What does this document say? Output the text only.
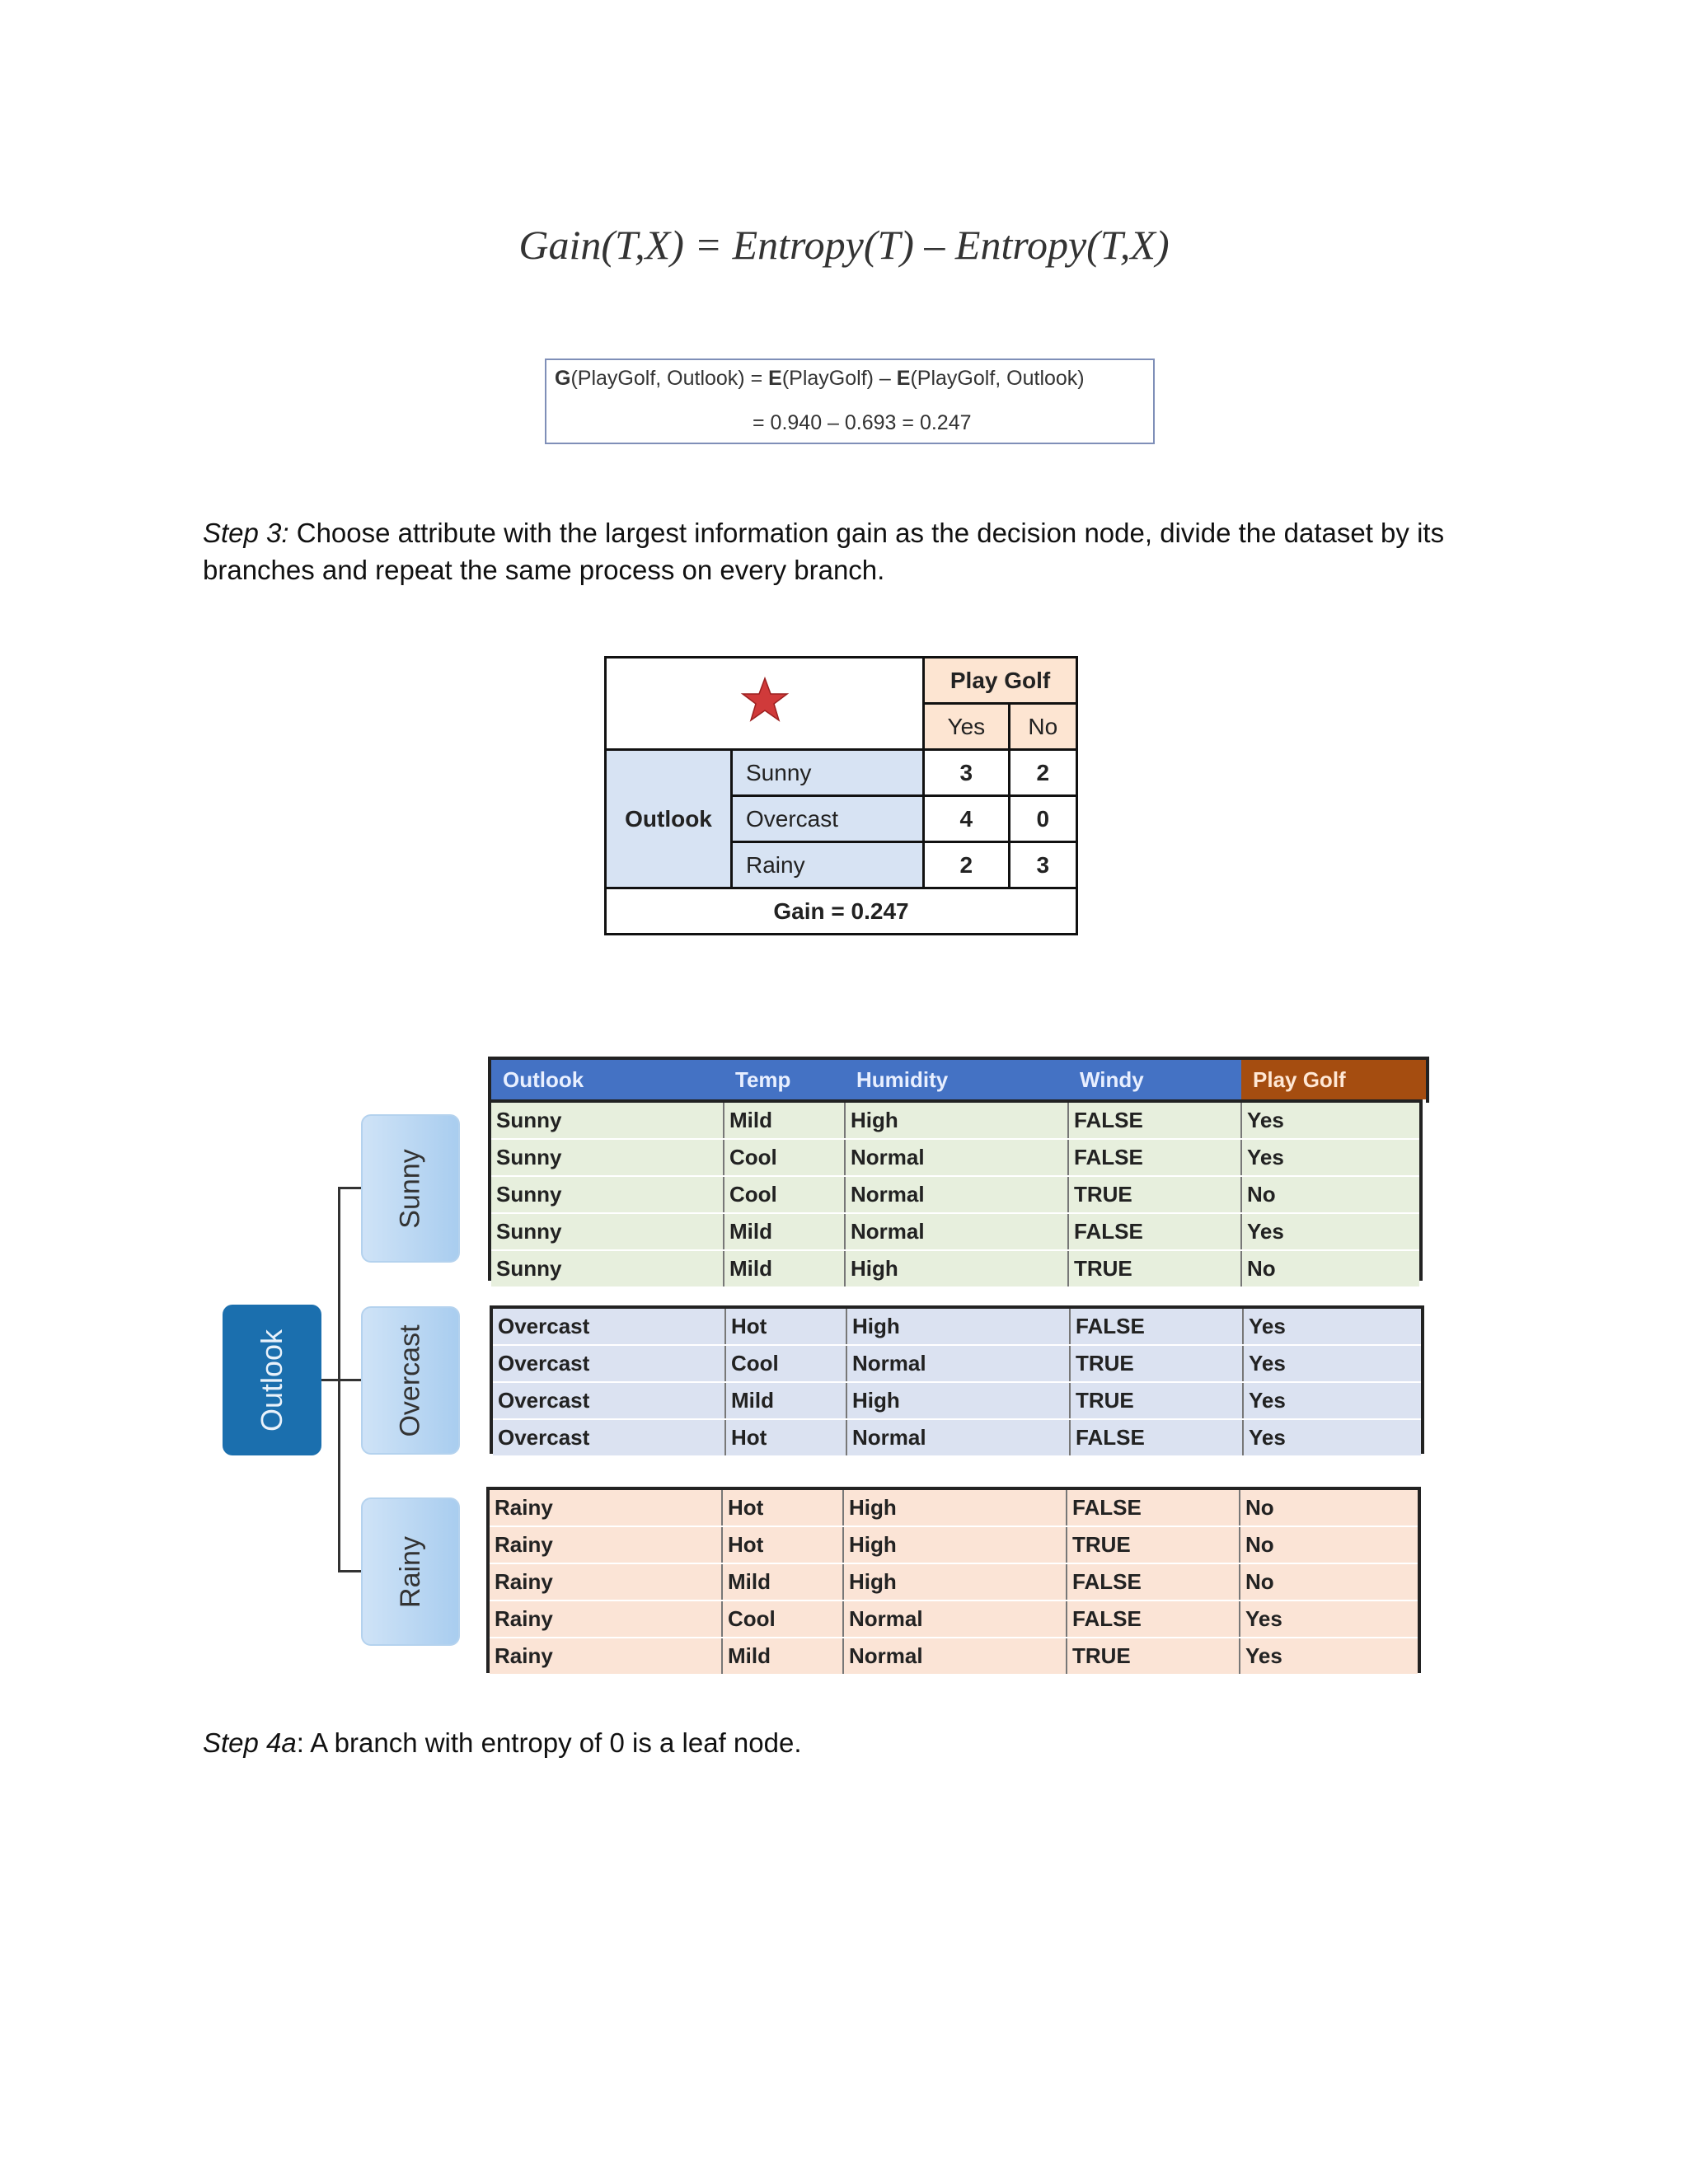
Gain(T,X) = Entropy(T) – Entropy(T,X)
G(PlayGolf, Outlook) = E(PlayGolf) – E(PlayGolf, Outlook)
= 0.940 – 0.693 = 0.247
Step 3: Choose attribute with the largest information gain as the decision node, divide the dataset by its
branches and repeat the same process on every branch.
	Play Golf	
		Yes	No
Outlook	Sunny	3	2
	Overcast	4	0
	Rainy	2	3
Gain = 0.247			
Outlook
Sunny
Overcast
Rainy
Outlook	Temp	Humidity	Windy	Play Golf
Sunny	Mild	High	FALSE	Yes
Sunny	Cool	Normal	FALSE	Yes
Sunny	Cool	Normal	TRUE	No
Sunny	Mild	Normal	FALSE	Yes
Sunny	Mild	High	TRUE	No
Overcast	Hot	High	FALSE	Yes
Overcast	Cool	Normal	TRUE	Yes
Overcast	Mild	High	TRUE	Yes
Overcast	Hot	Normal	FALSE	Yes
Rainy	Hot	High	FALSE	No
Rainy	Hot	High	TRUE	No
Rainy	Mild	High	FALSE	No
Rainy	Cool	Normal	FALSE	Yes
Rainy	Mild	Normal	TRUE	Yes
Step 4a: A branch with entropy of 0 is a leaf node.
